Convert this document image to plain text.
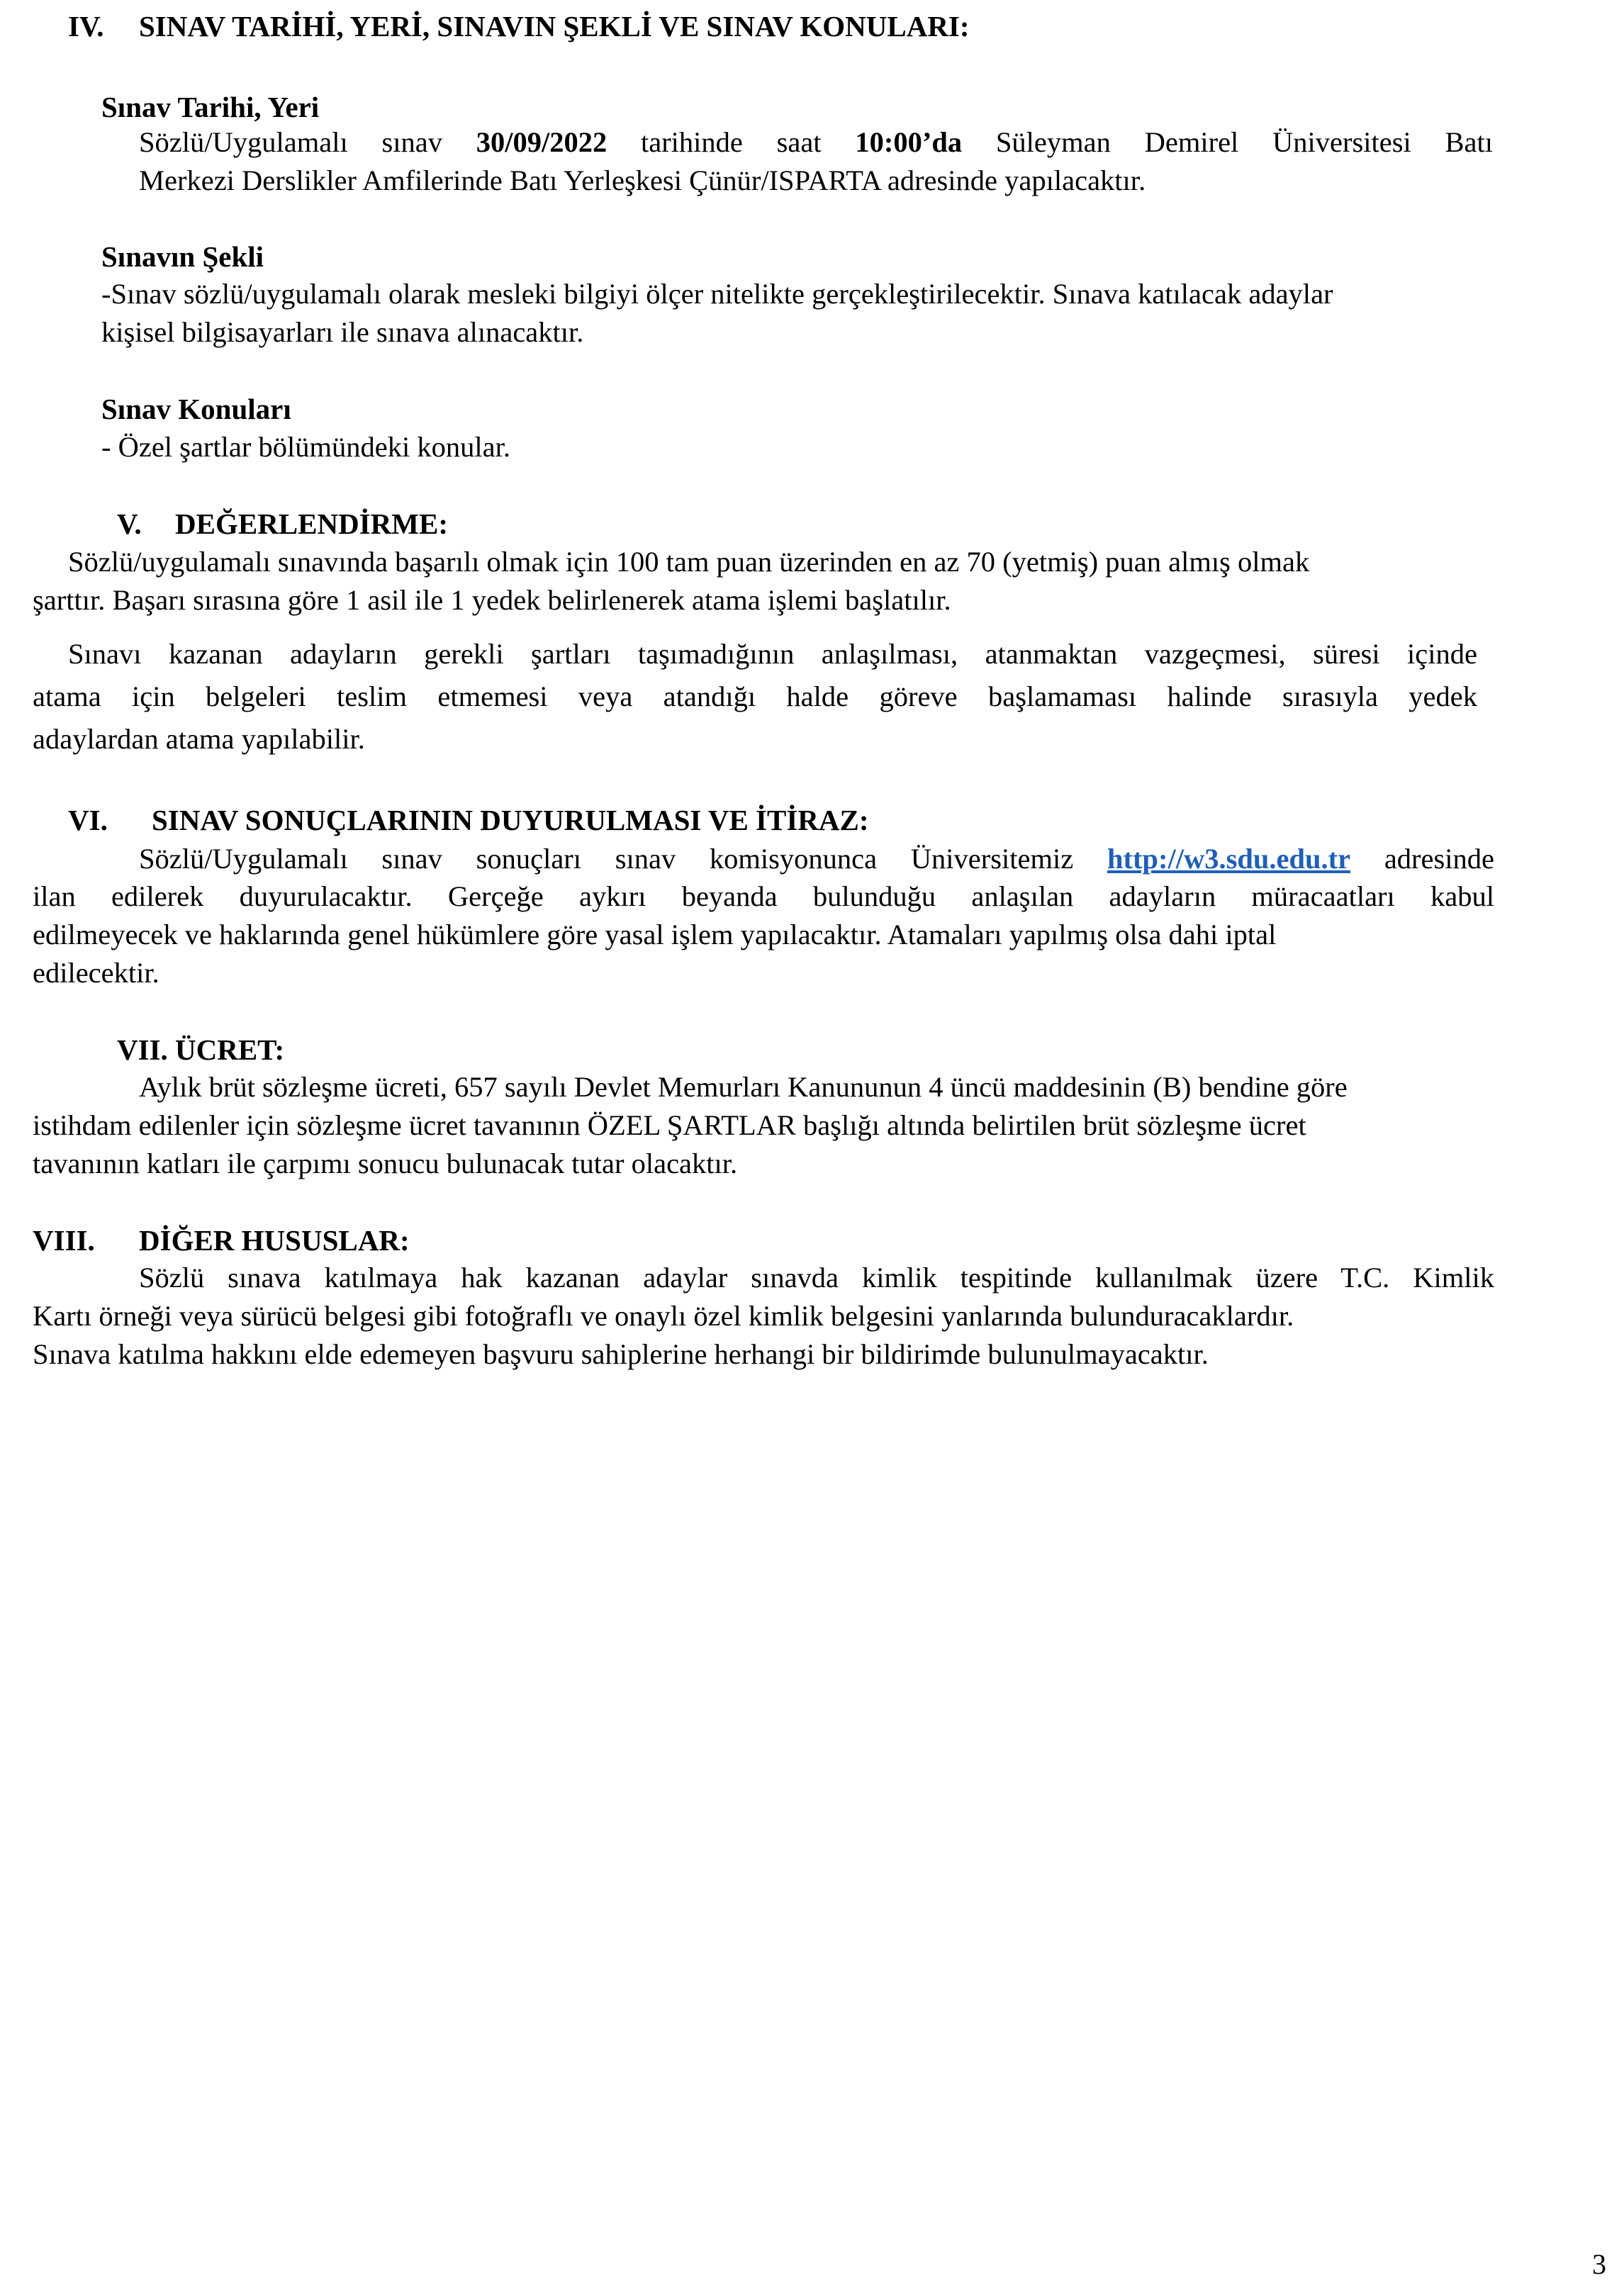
IV. SINAV TARİHİ, YERİ, SINAVIN ŞEKLİ VE SINAV KONULARI:
Sınav Tarihi, Yeri
Sözlü/Uygulamalı sınav 30/09/2022 tarihinde saat 10:00’da Süleyman Demirel Üniversitesi Batı
Merkezi Derslikler Amfilerinde Batı Yerleşkesi Çünür/ISPARTA adresinde yapılacaktır.
Sınavın Şekli
-Sınav sözlü/uygulamalı olarak mesleki bilgiyi ölçer nitelikte gerçekleştirilecektir. Sınava katılacak adaylar
kişisel bilgisayarları ile sınava alınacaktır.
Sınav Konuları
- Özel şartlar bölümündeki konular.
V. DEĞERLENDİRME:
Sözlü/uygulamalı sınavında başarılı olmak için 100 tam puan üzerinden en az 70 (yetmiş) puan almış olmak
şarttır. Başarı sırasına göre 1 asil ile 1 yedek belirlenerek atama işlemi başlatılır.
Sınavı kazanan adayların gerekli şartları taşımadığının anlaşılması, atanmaktan vazgeçmesi, süresi içinde
atama için belgeleri teslim etmemesi veya atandığı halde göreve başlamaması halinde sırasıyla yedek
adaylardan atama yapılabilir.
VI. SINAV SONUÇLARININ DUYURULMASI VE İTİRAZ:
Sözlü/Uygulamalı sınav sonuçları sınav komisyonunca Üniversitemiz http://w3.sdu.edu.tr adresinde
ilan edilerek duyurulacaktır. Gerçeğe aykırı beyanda bulunduğu anlaşılan adayların müracaatları kabul
edilmeyecek ve haklarında genel hükümlere göre yasal işlem yapılacaktır. Atamaları yapılmış olsa dahi iptal
edilecektir.
VII. ÜCRET:
Aylık brüt sözleşme ücreti, 657 sayılı Devlet Memurları Kanununun 4 üncü maddesinin (B) bendine göre
istihdam edilenler için sözleşme ücret tavanının ÖZEL ŞARTLAR başlığı altında belirtilen brüt sözleşme ücret
tavanının katları ile çarpımı sonucu bulunacak tutar olacaktır.
VIII. DİĞER HUSUSLAR:
Sözlü sınava katılmaya hak kazanan adaylar sınavda kimlik tespitinde kullanılmak üzere T.C. Kimlik
Kartı örneği veya sürücü belgesi gibi fotoğraflı ve onaylı özel kimlik belgesini yanlarında bulunduracaklardır.
Sınava katılma hakkını elde edemeyen başvuru sahiplerine herhangi bir bildirimde bulunulmayacaktır.
3
